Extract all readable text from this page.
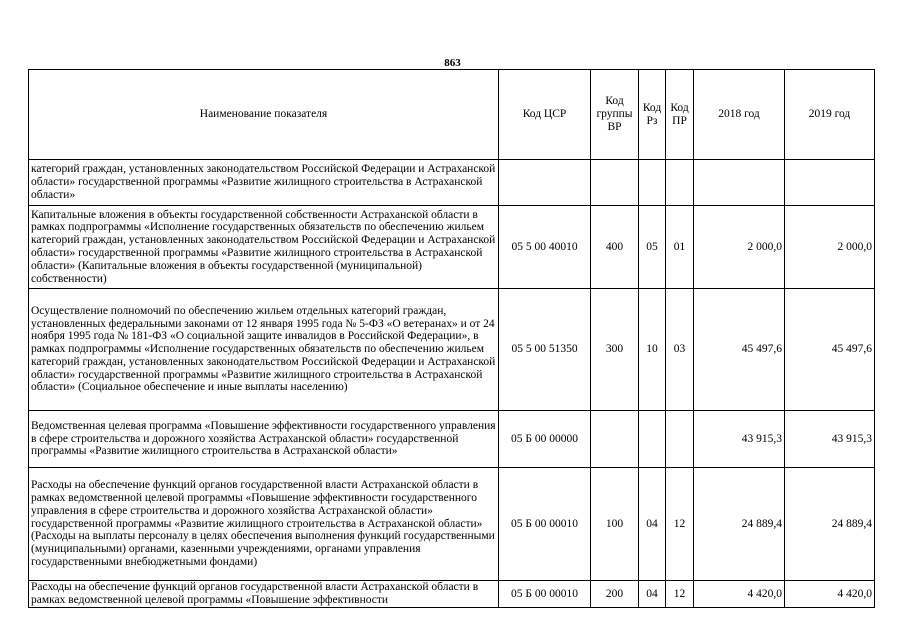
863
Наименование показателя	Код ЦСР	Код группы ВР	Код Рз	Код ПР	2018 год	2019 год
категорий граждан, установленных законодательством Российской Федерации и Астраханской области» государственной программы «Развитие жилищного строительства в Астраханской области»						
Капитальные вложения в объекты государственной собственности Астраханской области в рамках подпрограммы «Исполнение государственных обязательств по обеспечению жильем категорий граждан, установленных законодательством Российской Федерации и Астраханской области» государственной программы «Развитие жилищного строительства в Астраханской области» (Капитальные вложения в объекты государственной (муниципальной) собственности)	05 5 00 40010	400	05	01	2 000,0	2 000,0
Осуществление полномочий по обеспечению жильем отдельных категорий граждан, установленных федеральными законами от 12 января 1995 года № 5-ФЗ «О ветеранах» и от 24 ноября 1995 года № 181-ФЗ «О социальной защите инвалидов в Российской Федерации», в рамках подпрограммы «Исполнение государственных обязательств по обеспечению жильем категорий граждан, установленных законодательством Российской Федерации и Астраханской области» государственной программы «Развитие жилищного строительства в Астраханской области» (Социальное обеспечение и иные выплаты населению)	05 5 00 51350	300	10	03	45 497,6	45 497,6
Ведомственная целевая программа «Повышение эффективности государственного управления в сфере строительства и дорожного хозяйства Астраханской области» государственной программы «Развитие жилищного строительства в Астраханской области»	05 Б 00 00000				43 915,3	43 915,3
Расходы на обеспечение функций органов государственной власти Астраханской области в рамках ведомственной целевой программы «Повышение эффективности государственного управления в сфере строительства и дорожного хозяйства Астраханской области» государственной программы «Развитие жилищного строительства в Астраханской области» (Расходы на выплаты персоналу в целях обеспечения выполнения функций государственными (муниципальными) органами, казенными учреждениями, органами управления государственными внебюджетными фондами)	05 Б 00 00010	100	04	12	24 889,4	24 889,4
Расходы на обеспечение функций органов государственной власти Астраханской области в рамках ведомственной целевой программы «Повышение эффективности	05 Б 00 00010	200	04	12	4 420,0	4 420,0
